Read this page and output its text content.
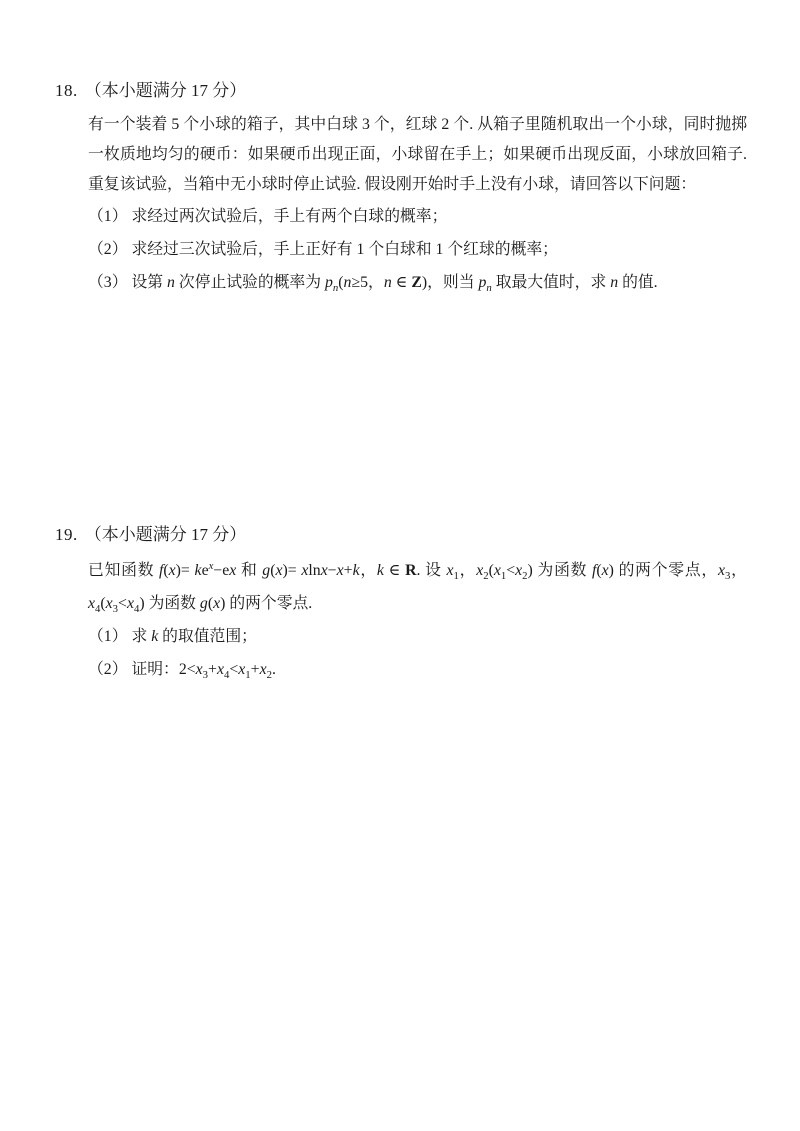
18. （本小题满分 17 分）

有一个装着 5 个小球的箱子，其中白球 3 个，红球 2 个. 从箱子里随机取出一个小球，同时抛掷

一枚质地均匀的硬币：如果硬币出现正面，小球留在手上；如果硬币出现反面，小球放回箱子.

重复该试验，当箱中无小球时停止试验. 假设刚开始时手上没有小球，请回答以下问题：

（1） 求经过两次试验后，手上有两个白球的概率；

（2） 求经过三次试验后，手上正好有 1 个白球和 1 个红球的概率；

（3） 设第 n 次停止试验的概率为 $p_n(n\ge 5$，n ∈ Z)，则当 $p_n$ 取最大值时，求 n 的值.

19. （本小题满分 17 分）

已知函数 $f(x)= ke^x-ex$ 和 g(x)= xlnx−x+k，k ∈ R. 设 $x_1$，$x_2(x_1<x_2)$ 为函数 f(x) 的两个零点，$x_3$，

$x_4(x_3<x_4)$ 为函数 g(x) 的两个零点.

（1） 求 k 的取值范围；

（2） 证明：$2<x_3+x_4<x_1+x_2$.
